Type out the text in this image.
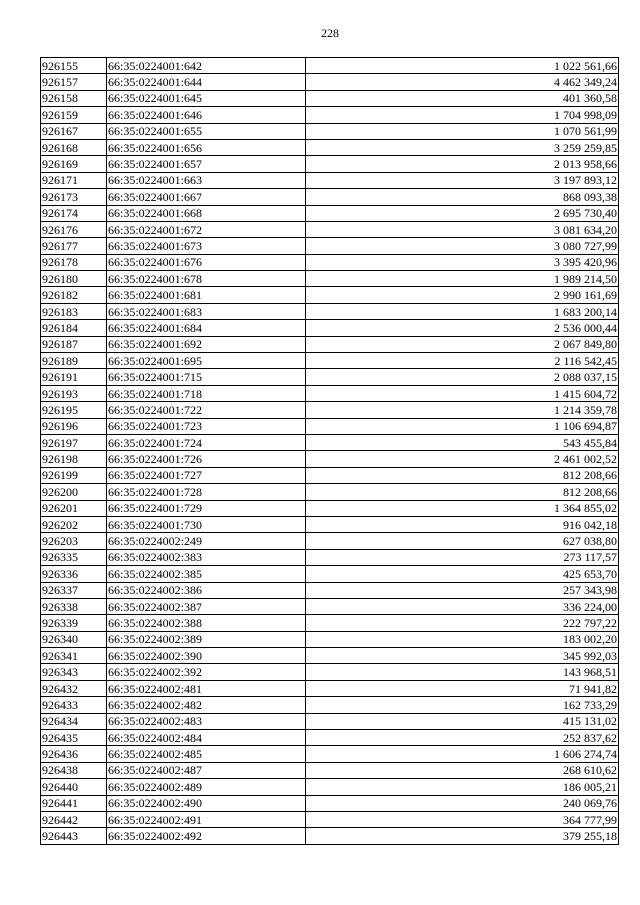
228
926155	66:35:0224001:642	1 022 561,66
926157	66:35:0224001:644	4 462 349,24
926158	66:35:0224001:645	401 360,58
926159	66:35:0224001:646	1 704 998,09
926167	66:35:0224001:655	1 070 561,99
926168	66:35:0224001:656	3 259 259,85
926169	66:35:0224001:657	2 013 958,66
926171	66:35:0224001:663	3 197 893,12
926173	66:35:0224001:667	868 093,38
926174	66:35:0224001:668	2 695 730,40
926176	66:35:0224001:672	3 081 634,20
926177	66:35:0224001:673	3 080 727,99
926178	66:35:0224001:676	3 395 420,96
926180	66:35:0224001:678	1 989 214,50
926182	66:35:0224001:681	2 990 161,69
926183	66:35:0224001:683	1 683 200,14
926184	66:35:0224001:684	2 536 000,44
926187	66:35:0224001:692	2 067 849,80
926189	66:35:0224001:695	2 116 542,45
926191	66:35:0224001:715	2 088 037,15
926193	66:35:0224001:718	1 415 604,72
926195	66:35:0224001:722	1 214 359,78
926196	66:35:0224001:723	1 106 694,87
926197	66:35:0224001:724	543 455,84
926198	66:35:0224001:726	2 461 002,52
926199	66:35:0224001:727	812 208,66
926200	66:35:0224001:728	812 208,66
926201	66:35:0224001:729	1 364 855,02
926202	66:35:0224001:730	916 042,18
926203	66:35:0224002:249	627 038,80
926335	66:35:0224002:383	273 117,57
926336	66:35:0224002:385	425 653,70
926337	66:35:0224002:386	257 343,98
926338	66:35:0224002:387	336 224,00
926339	66:35:0224002:388	222 797,22
926340	66:35:0224002:389	183 002,20
926341	66:35:0224002:390	345 992,03
926343	66:35:0224002:392	143 968,51
926432	66:35:0224002:481	71 941,82
926433	66:35:0224002:482	162 733,29
926434	66:35:0224002:483	415 131,02
926435	66:35:0224002:484	252 837,62
926436	66:35:0224002:485	1 606 274,74
926438	66:35:0224002:487	268 610,62
926440	66:35:0224002:489	186 005,21
926441	66:35:0224002:490	240 069,76
926442	66:35:0224002:491	364 777,99
926443	66:35:0224002:492	379 255,18
